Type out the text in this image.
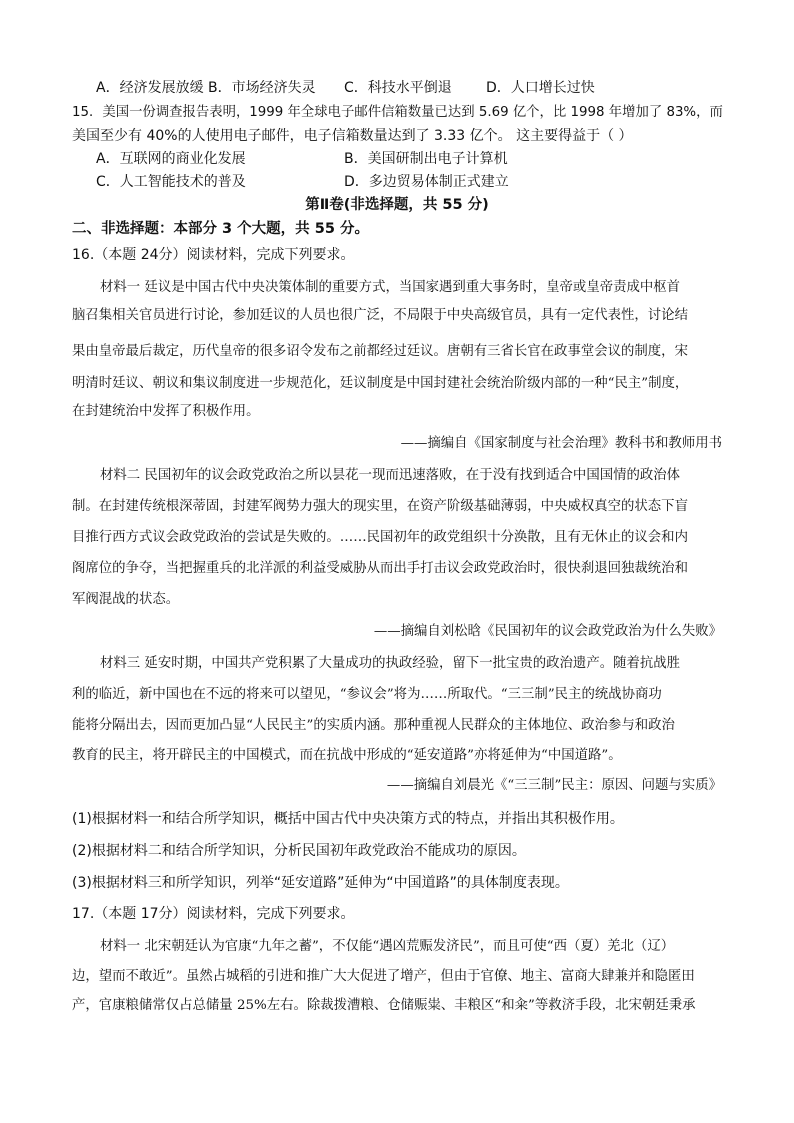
A．经济发展放缓 B．市场经济失灵 C．科技水平倒退 D．人口增长过快
15．美国一份调查报告表明，1999 年全球电子邮件信箱数量已达到 5.69 亿个，比 1998 年增加了 83%，而
美国至少有 40%的人使用电子邮件，电子信箱数量达到了 3.33 亿个。 这主要得益于（ ）
A．互联网的商业化发展	B．美国研制出电子计算机
C．人工智能技术的普及	D．多边贸易体制正式建立
第Ⅱ卷(非选择题，共 55 分)
二、非选择题：本部分 3 个大题，共 55 分。
16.（本题 24分）阅读材料，完成下列要求。
材料一 廷议是中国古代中央决策体制的重要方式，当国家遇到重大事务时，皇帝或皇帝责成中枢首
脑召集相关官员进行讨论，参加廷议的人员也很广泛，不局限于中央高级官员，具有一定代表性，讨论结
果由皇帝最后裁定，历代皇帝的很多诏令发布之前都经过廷议。唐朝有三省长官在政事堂会议的制度，宋
明清时廷议、朝议和集议制度进一步规范化，廷议制度是中国封建社会统治阶级内部的一种“民主”制度，
在封建统治中发挥了积极作用。
——摘编自《国家制度与社会治理》教科书和教师用书
材料二 民国初年的议会政党政治之所以昙花一现而迅速落败，在于没有找到适合中国国情的政治体
制。在封建传统根深蒂固，封建军阀势力强大的现实里，在资产阶级基础薄弱，中央威权真空的状态下盲
目推行西方式议会政党政治的尝试是失败的。……民国初年的政党组织十分涣散，且有无休止的议会和内
阁席位的争夺，当把握重兵的北洋派的利益受威胁从而出手打击议会政党政治时，很快刹退回独裁统治和
军阀混战的状态。
——摘编自刘松晗《民国初年的议会政党政治为什么失败》
材料三 延安时期，中国共产党积累了大量成功的执政经验，留下一批宝贵的政治遗产。随着抗战胜
利的临近，新中国也在不远的将来可以望见，“参议会”将为……所取代。“三三制”民主的统战协商功
能将分隔出去，因而更加凸显“人民民主”的实质内涵。那种重视人民群众的主体地位、政治参与和政治
教育的民主，将开辟民主的中国模式，而在抗战中形成的“延安道路”亦将延伸为“中国道路”。
——摘编自刘晨光《“三三制”民主：原因、问题与实质》
(1)根据材料一和结合所学知识，概括中国古代中央决策方式的特点，并指出其积极作用。
(2)根据材料二和结合所学知识，分析民国初年政党政治不能成功的原因。
(3)根据材料三和所学知识，列举“延安道路”延伸为“中国道路”的具体制度表现。
17.（本题 17分）阅读材料，完成下列要求。
材料一 北宋朝廷认为官康“九年之蓄”，不仅能“遇凶荒赈发济民”，而且可使“西（夏）羌北（辽）
边，望而不敢近”。虽然占城稻的引进和推广大大促进了增产，但由于官僚、地主、富商大肆兼并和隐匿田
产，官康粮储常仅占总储量 25%左右。除裁拨漕粮、仓储赈粜、丰粮区“和籴”等救济手段，北宋朝廷秉承
